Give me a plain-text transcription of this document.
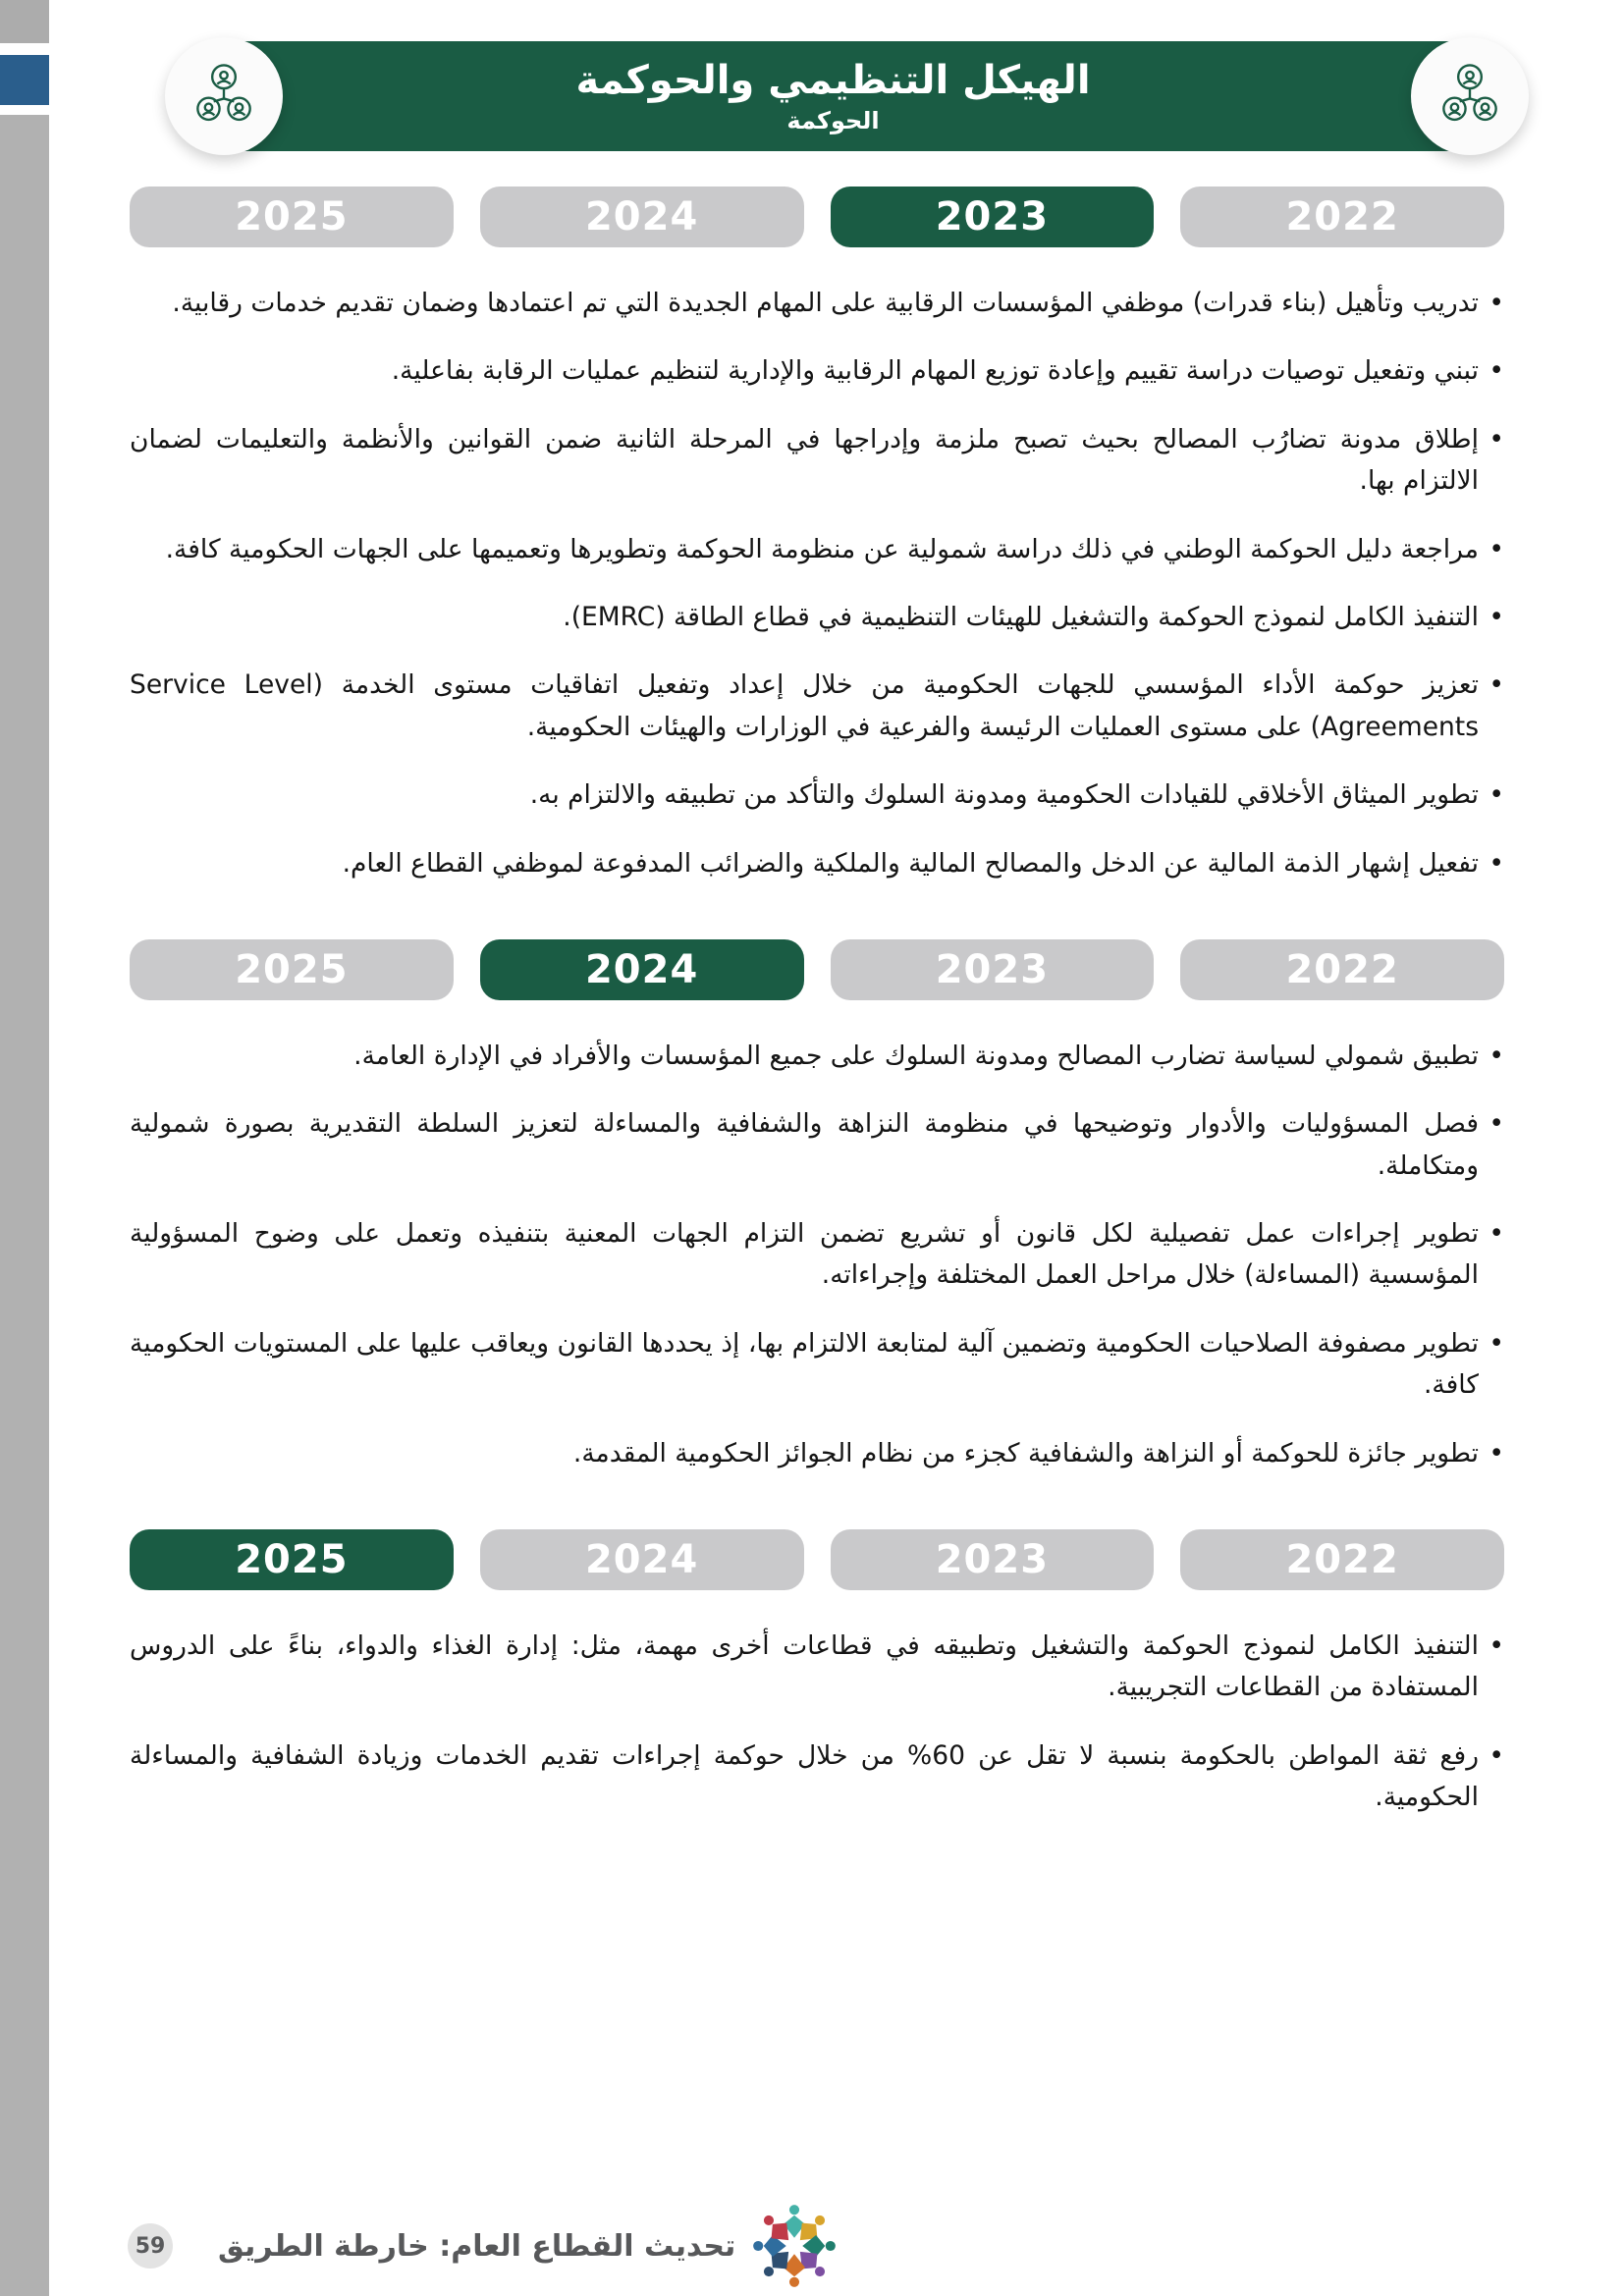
الهيكل التنظيمي والحوكمة
الحوكمة
2025	2024	2023	2022
• تدريب وتأهيل (بناء قدرات) موظفي المؤسسات الرقابية على المهام الجديدة التي تم اعتمادها وضمان تقديم خدمات رقابية.
• تبني وتفعيل توصيات دراسة تقييم وإعادة توزيع المهام الرقابية والإدارية لتنظيم عمليات الرقابة بفاعلية.
• إطلاق مدونة تضارُب المصالح بحيث تصبح ملزمة وإدراجها في المرحلة الثانية ضمن القوانين والأنظمة والتعليمات لضمان الالتزام بها.
• مراجعة دليل الحوكمة الوطني في ذلك دراسة شمولية عن منظومة الحوكمة وتطويرها وتعميمها على الجهات الحكومية كافة.
• التنفيذ الكامل لنموذج الحوكمة والتشغيل للهيئات التنظيمية في قطاع الطاقة (EMRC).
• تعزيز حوكمة الأداء المؤسسي للجهات الحكومية من خلال إعداد وتفعيل اتفاقيات مستوى الخدمة (Service Level Agreements) على مستوى العمليات الرئيسة والفرعية في الوزارات والهيئات الحكومية.
• تطوير الميثاق الأخلاقي للقيادات الحكومية ومدونة السلوك والتأكد من تطبيقه والالتزام به.
• تفعيل إشهار الذمة المالية عن الدخل والمصالح المالية والملكية والضرائب المدفوعة لموظفي القطاع العام.
2025	2024	2023	2022
• تطبيق شمولي لسياسة تضارب المصالح ومدونة السلوك على جميع المؤسسات والأفراد في الإدارة العامة.
• فصل المسؤوليات والأدوار وتوضيحها في منظومة النزاهة والشفافية والمساءلة لتعزيز السلطة التقديرية بصورة شمولية ومتكاملة.
• تطوير إجراءات عمل تفصيلية لكل قانون أو تشريع تضمن التزام الجهات المعنية بتنفيذه وتعمل على وضوح المسؤولية المؤسسية (المساءلة) خلال مراحل العمل المختلفة وإجراءاته.
• تطوير مصفوفة الصلاحيات الحكومية وتضمين آلية لمتابعة الالتزام بها، إذ يحددها القانون ويعاقب عليها على المستويات الحكومية كافة.
• تطوير جائزة للحوكمة أو النزاهة والشفافية كجزء من نظام الجوائز الحكومية المقدمة.
2025	2024	2023	2022
• التنفيذ الكامل لنموذج الحوكمة والتشغيل وتطبيقه في قطاعات أخرى مهمة، مثل: إدارة الغذاء والدواء، بناءً على الدروس المستفادة من القطاعات التجريبية.
• رفع ثقة المواطن بالحكومة بنسبة لا تقل عن 60% من خلال حوكمة إجراءات تقديم الخدمات وزيادة الشفافية والمساءلة الحكومية.
59 تحديث القطاع العام: خارطة الطريق
